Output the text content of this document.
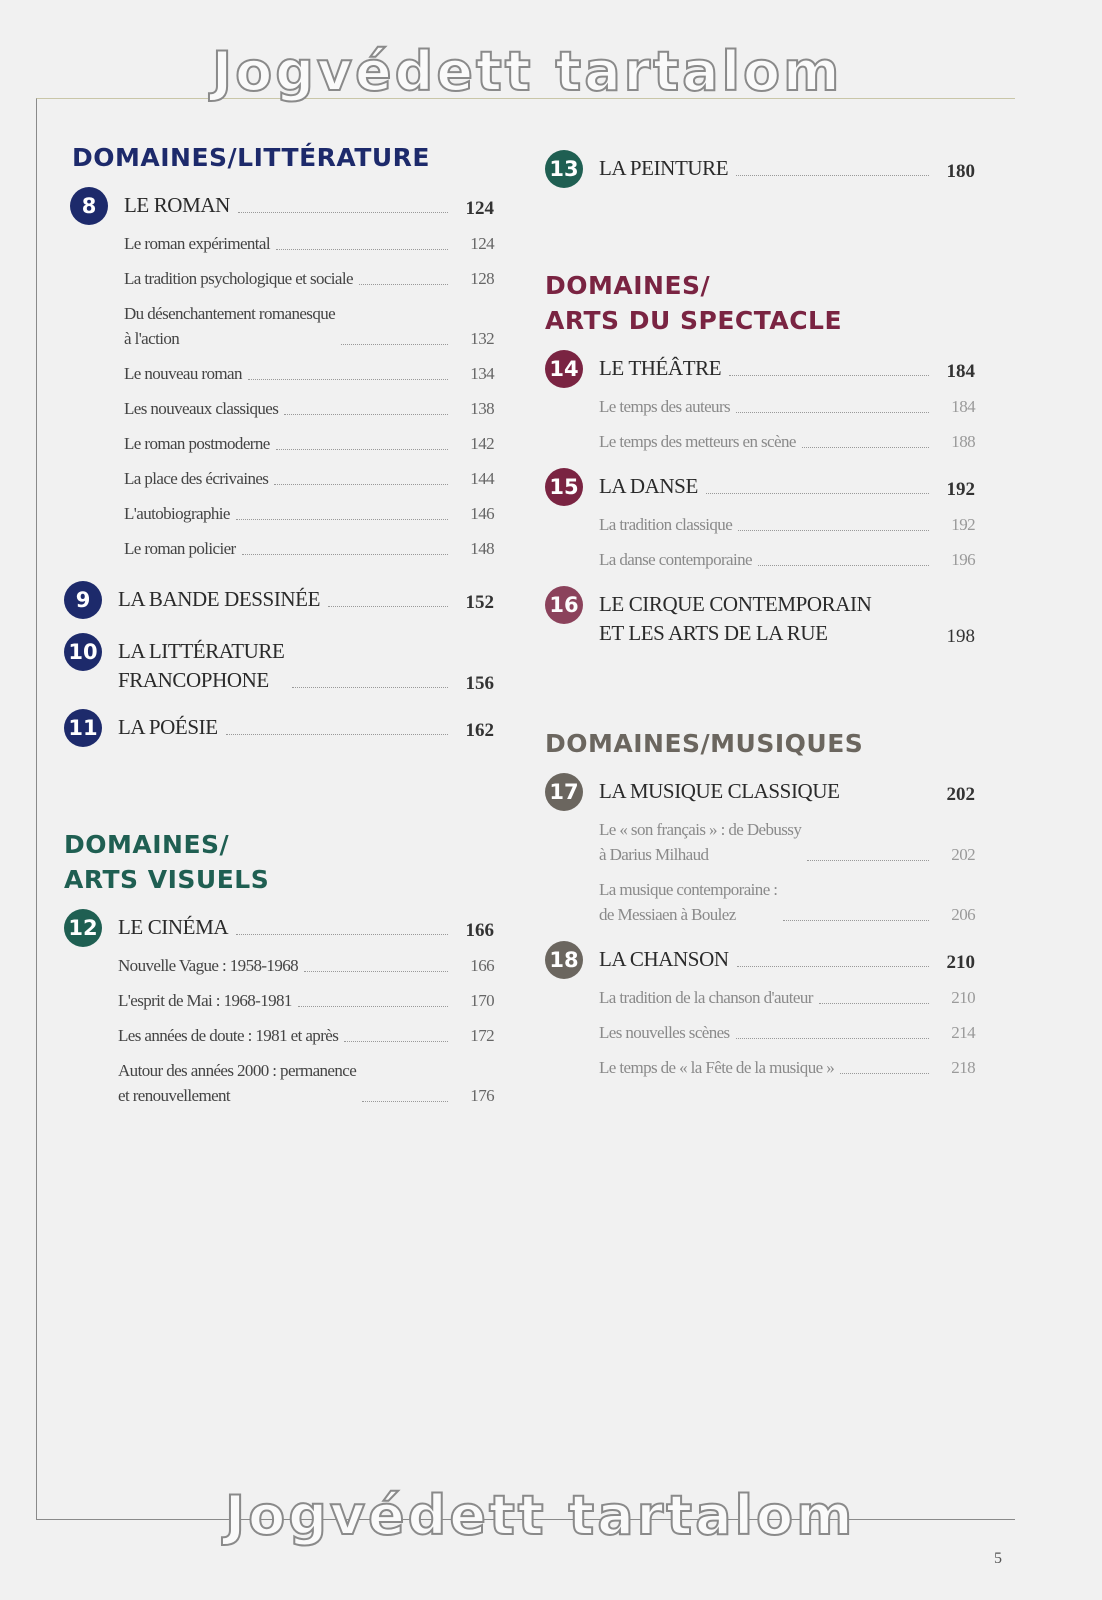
Jogvédett tartalom
Jogvédett tartalom
5
DOMAINES/LITTÉRATURE
8	LE ROMAN	124
Le roman expérimental	124
La tradition psychologique et sociale	128
Du désenchantement romanesque
à l'action	132
Le nouveau roman	134
Les nouveaux classiques	138
Le roman postmoderne	142
La place des écrivaines	144
L'autobiographie	146
Le roman policier	148
9	LA BANDE DESSINÉE	152
10 LA LITTÉRATURE
FRANCOPHONE	156
11 LA POÉSIE	162
DOMAINES/
ARTS VISUELS
12 LE CINÉMA	166
Nouvelle Vague : 1958-1968	166
L'esprit de Mai : 1968-1981	170
Les années de doute : 1981 et après	172
Autour des années 2000 : permanence
et renouvellement	176
13 LA PEINTURE	180
DOMAINES/
ARTS DU SPECTACLE
14 LE THÉÂTRE	184
Le temps des auteurs	184
Le temps des metteurs en scène	188
15 LA DANSE	192
La tradition classique	192
La danse contemporaine	196
16 LE CIRQUE CONTEMPORAIN
ET LES ARTS DE LA RUE	198
DOMAINES/MUSIQUES
17 LA MUSIQUE CLASSIQUE	202
Le « son français » : de Debussy
à Darius Milhaud	202
La musique contemporaine :
de Messiaen à Boulez	206
18 LA CHANSON	210
La tradition de la chanson d'auteur	210
Les nouvelles scènes	214
Le temps de « la Fête de la musique »	218
